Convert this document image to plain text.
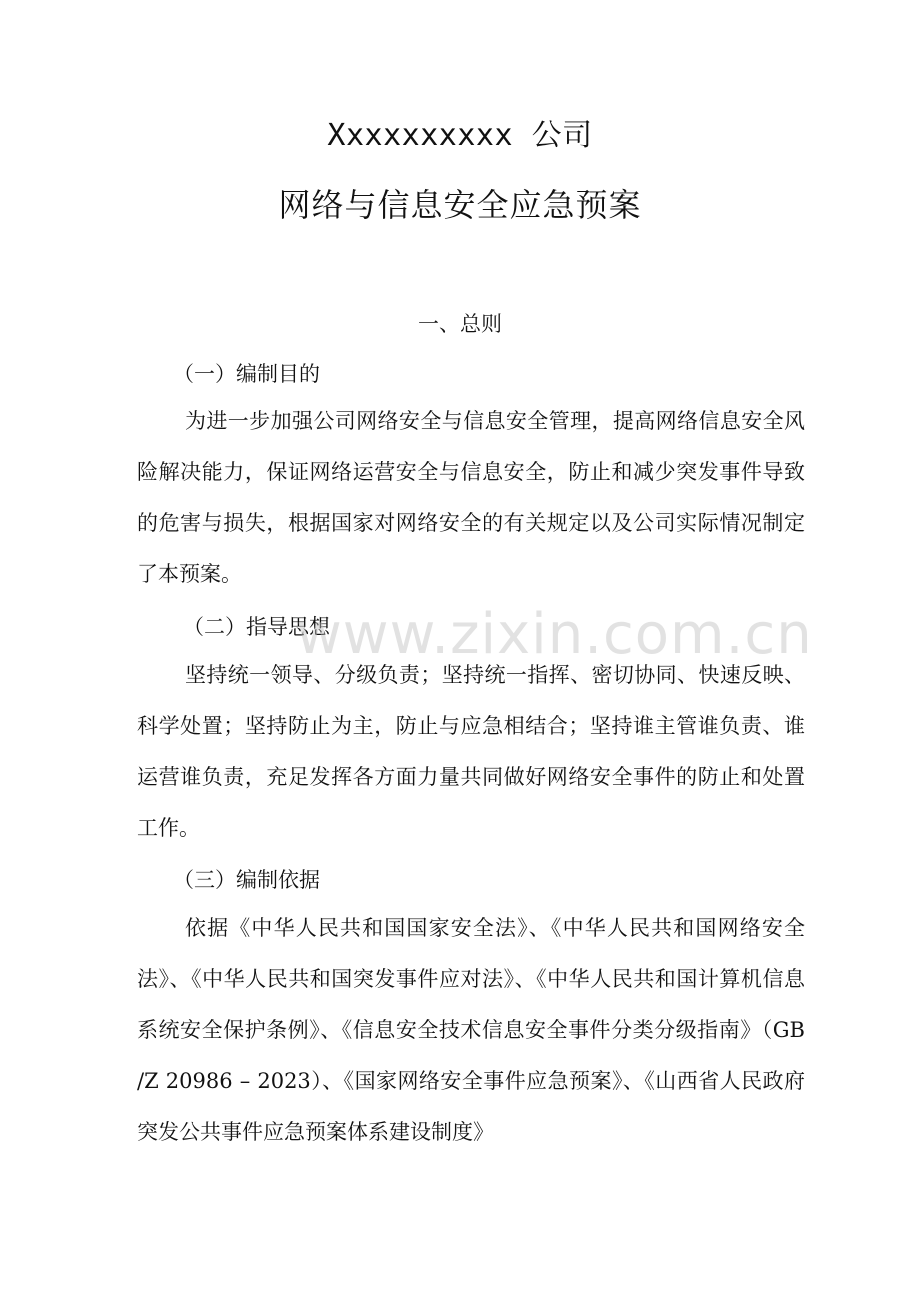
Xxxxxxxxxx 公司
网络与信息安全应急预案
一、总则
（一）编制目的

为进一步加强公司网络安全与信息安全管理，提高网络信息安全风险解决能力，保证网络运营安全与信息安全，防止和减少突发事件导致的危害与损失，根据国家对网络安全的有关规定以及公司实际情况制定了本预案。

（二）指导思想

坚持统一领导、分级负责；坚持统一指挥、密切协同、快速反映、科学处置；坚持防止为主，防止与应急相结合；坚持谁主管谁负责、谁运营谁负责，充足发挥各方面力量共同做好网络安全事件的防止和处置工作。

（三）编制依据

依据《中华人民共和国国家安全法》、《中华人民共和国网络安全法》、《中华人民共和国突发事件应对法》、《中华人民共和国计算机信息系统安全保护条例》、《信息安全技术信息安全事件分类分级指南》（GB /Z 20986 – 2023）、《国家网络安全事件应急预案》、《山西省人民政府突发公共事件应急预案体系建设制度》

www.zixin.com.cn
